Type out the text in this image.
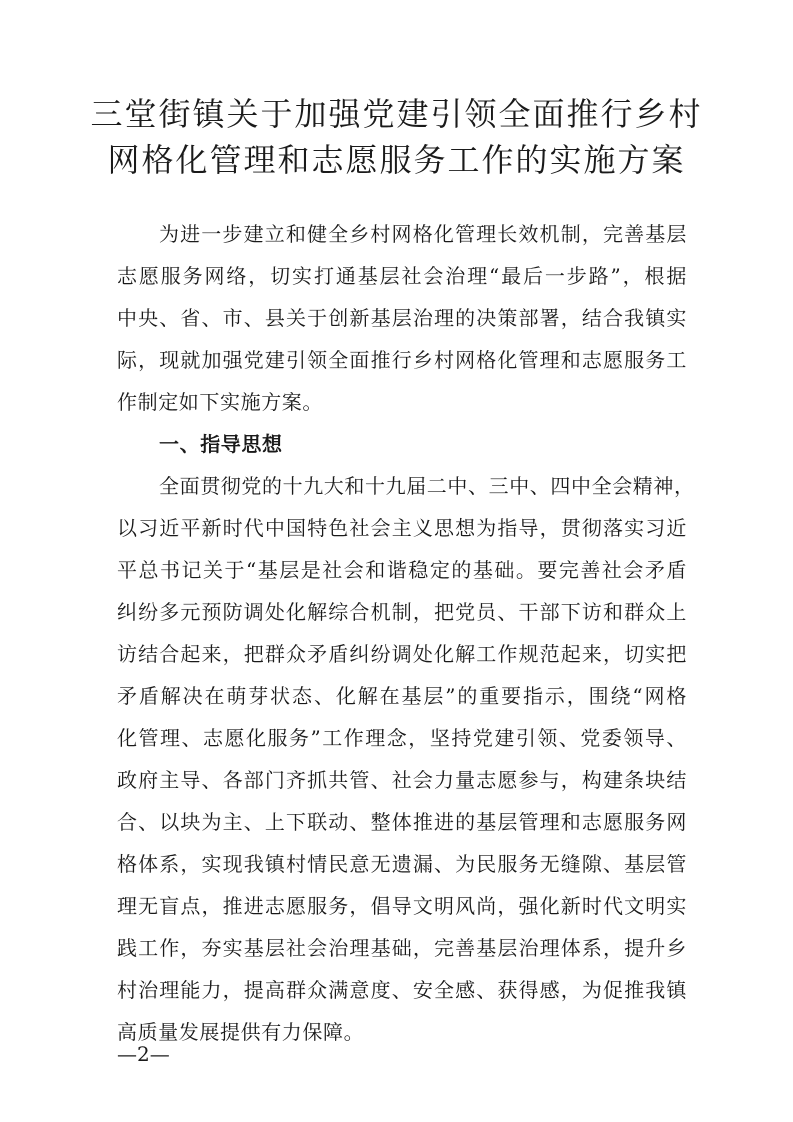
三堂街镇关于加强党建引领全面推行乡村
网格化管理和志愿服务工作的实施方案
为进一步建立和健全乡村网格化管理长效机制，完善基层
志愿服务网络，切实打通基层社会治理“最后一步路”，根据
中央、省、市、县关于创新基层治理的决策部署，结合我镇实
际，现就加强党建引领全面推行乡村网格化管理和志愿服务工
作制定如下实施方案。
一、指导思想
全面贯彻党的十九大和十九届二中、三中、四中全会精神，
以习近平新时代中国特色社会主义思想为指导，贯彻落实习近
平总书记关于“基层是社会和谐稳定的基础。要完善社会矛盾
纠纷多元预防调处化解综合机制，把党员、干部下访和群众上
访结合起来，把群众矛盾纠纷调处化解工作规范起来，切实把
矛盾解决在萌芽状态、化解在基层”的重要指示，围绕“网格
化管理、志愿化服务”工作理念，坚持党建引领、党委领导、
政府主导、各部门齐抓共管、社会力量志愿参与，构建条块结
合、以块为主、上下联动、整体推进的基层管理和志愿服务网
格体系，实现我镇村情民意无遗漏、为民服务无缝隙、基层管
理无盲点，推进志愿服务，倡导文明风尚，强化新时代文明实
践工作，夯实基层社会治理基础，完善基层治理体系，提升乡
村治理能力，提高群众满意度、安全感、获得感，为促推我镇
高质量发展提供有力保障。
—2—
